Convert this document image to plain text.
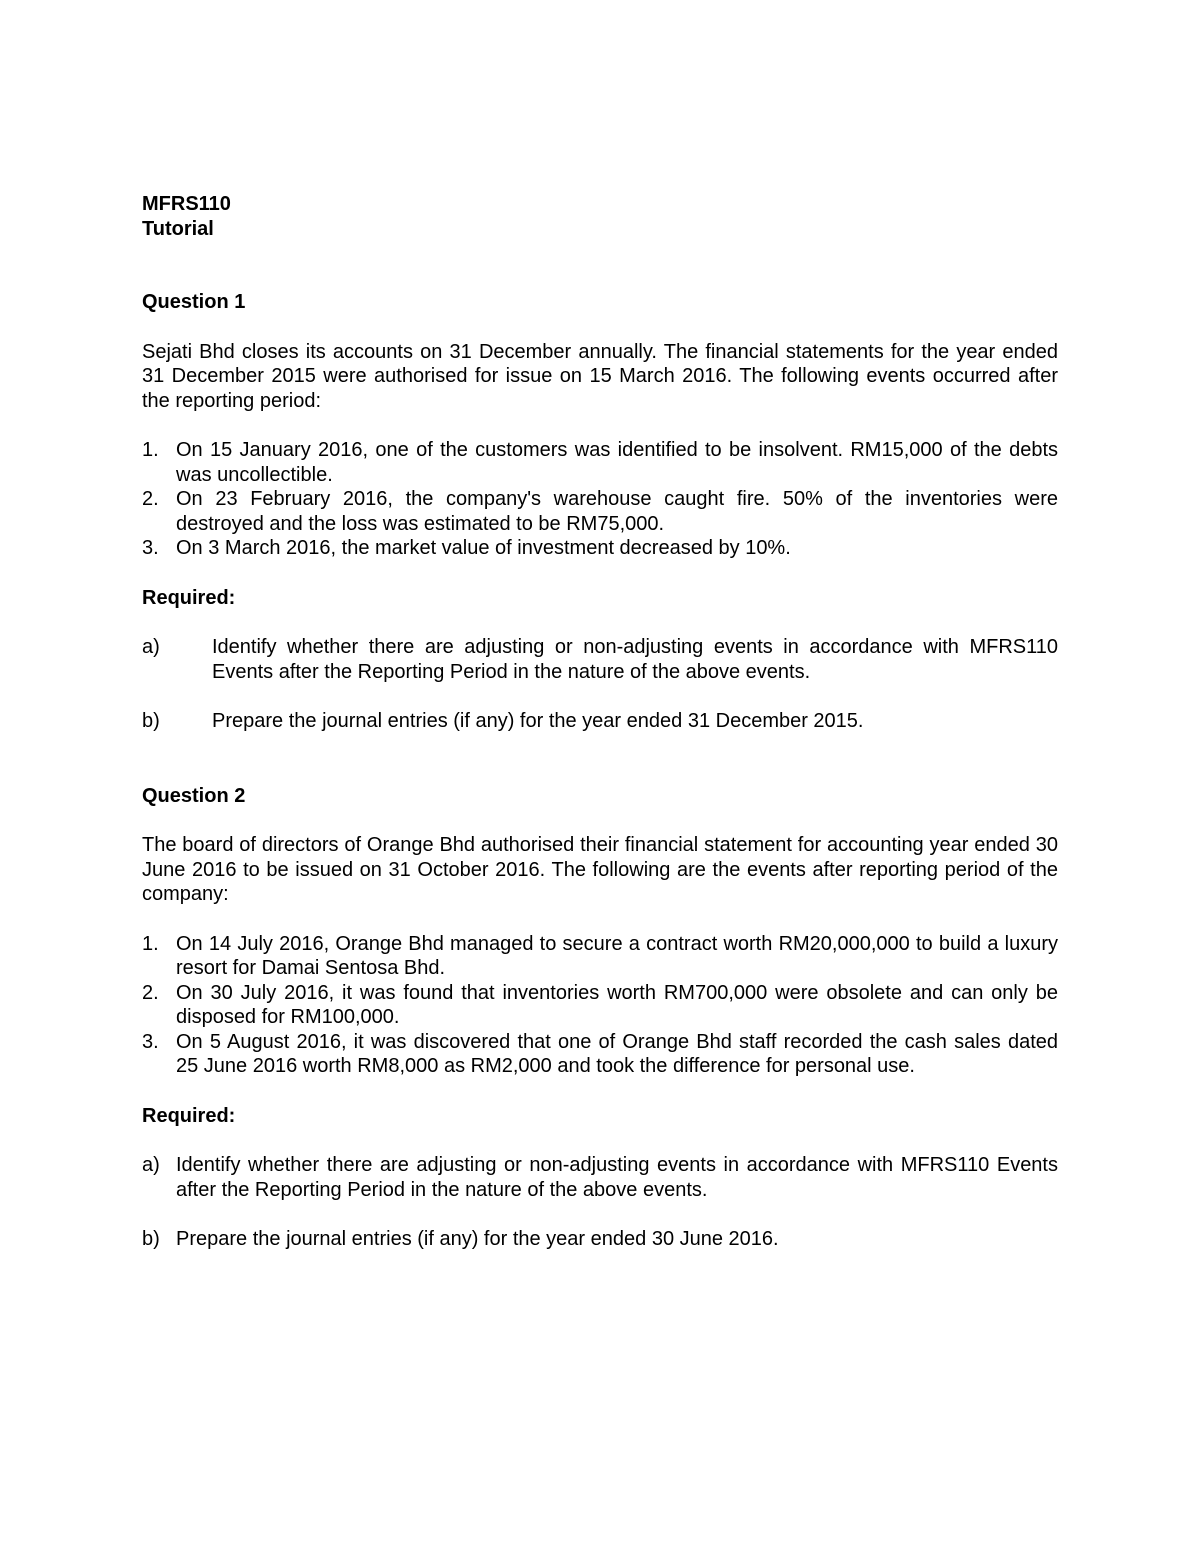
MFRS110

Tutorial

Question 1

Sejati Bhd closes its accounts on 31 December annually. The financial statements for the year ended 31 December 2015 were authorised for issue on 15 March 2016. The following events occurred after the reporting period:

1. On 15 January 2016, one of the customers was identified to be insolvent. RM15,000 of the debts was uncollectible.
2. On 23 February 2016, the company's warehouse caught fire. 50% of the inventories were destroyed and the loss was estimated to be RM75,000.
3. On 3 March 2016, the market value of investment decreased by 10%.

Required:

a)	Identify whether there are adjusting or non-adjusting events in accordance with MFRS110 Events after the Reporting Period in the nature of the above events.
b)	Prepare the journal entries (if any) for the year ended 31 December 2015.

Question 2

The board of directors of Orange Bhd authorised their financial statement for accounting year ended 30 June 2016 to be issued on 31 October 2016. The following are the events after reporting period of the company:

1. On 14 July 2016, Orange Bhd managed to secure a contract worth RM20,000,000 to build a luxury resort for Damai Sentosa Bhd.
2. On 30 July 2016, it was found that inventories worth RM700,000 were obsolete and can only be disposed for RM100,000.
3. On 5 August 2016, it was discovered that one of Orange Bhd staff recorded the cash sales dated 25 June 2016 worth RM8,000 as RM2,000 and took the difference for personal use.

Required:

a) Identify whether there are adjusting or non-adjusting events in accordance with MFRS110 Events after the Reporting Period in the nature of the above events.
b) Prepare the journal entries (if any) for the year ended 30 June 2016.
